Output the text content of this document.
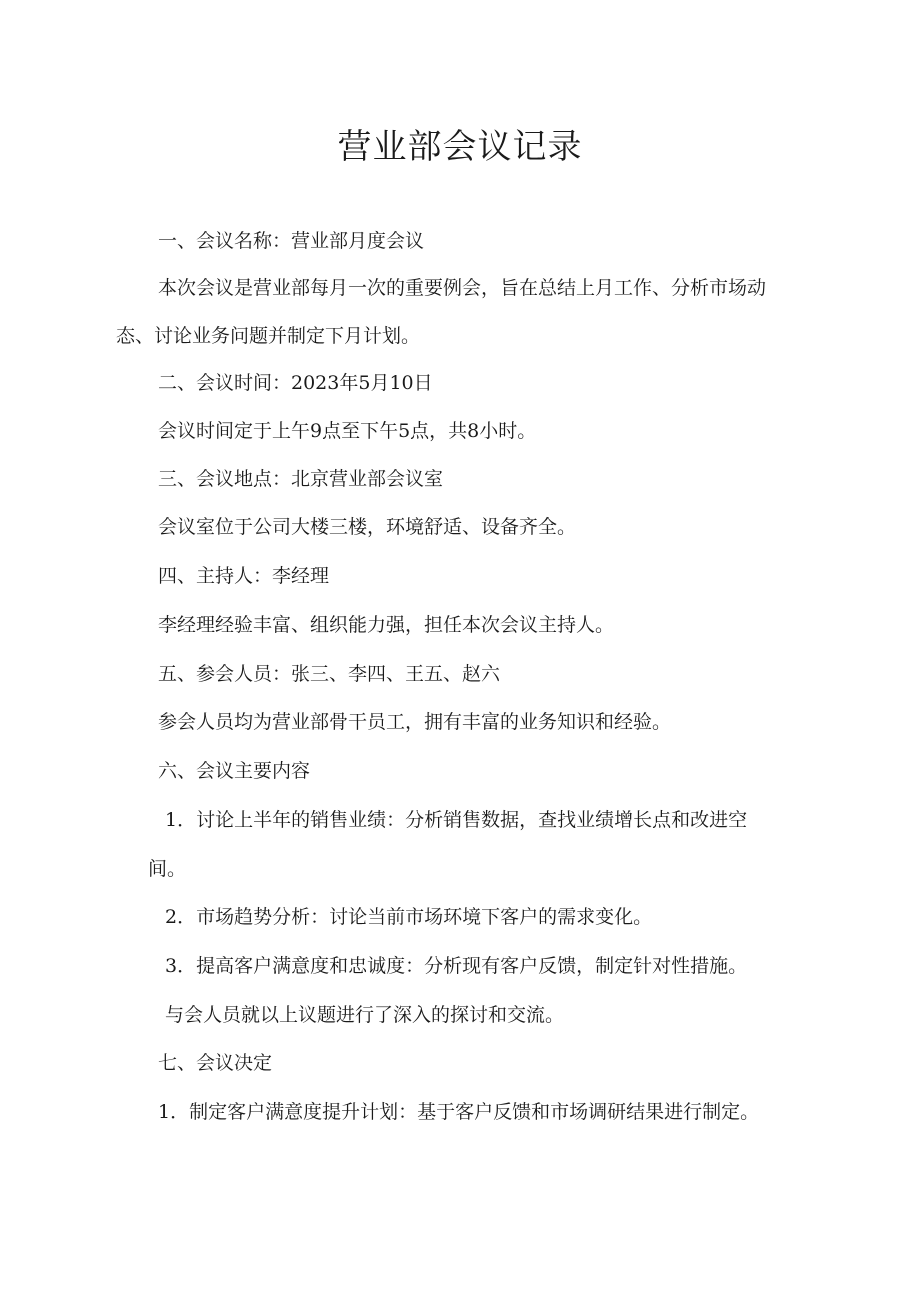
营业部会议记录

一、会议名称：营业部月度会议

本次会议是营业部每月一次的重要例会，旨在总结上月工作、分析市场动

态、讨论业务问题并制定下月计划。

二、会议时间：2023年5月10日

会议时间定于上午9点至下午5点，共8小时。

三、会议地点：北京营业部会议室

会议室位于公司大楼三楼，环境舒适、设备齐全。

四、主持人：李经理

李经理经验丰富、组织能力强，担任本次会议主持人。

五、参会人员：张三、李四、王五、赵六

参会人员均为营业部骨干员工，拥有丰富的业务知识和经验。

六、会议主要内容

1．讨论上半年的销售业绩：分析销售数据，查找业绩增长点和改进空

间。

2．市场趋势分析：讨论当前市场环境下客户的需求变化。

3．提高客户满意度和忠诚度：分析现有客户反馈，制定针对性措施。

与会人员就以上议题进行了深入的探讨和交流。

七、会议决定

1．制定客户满意度提升计划：基于客户反馈和市场调研结果进行制定。
